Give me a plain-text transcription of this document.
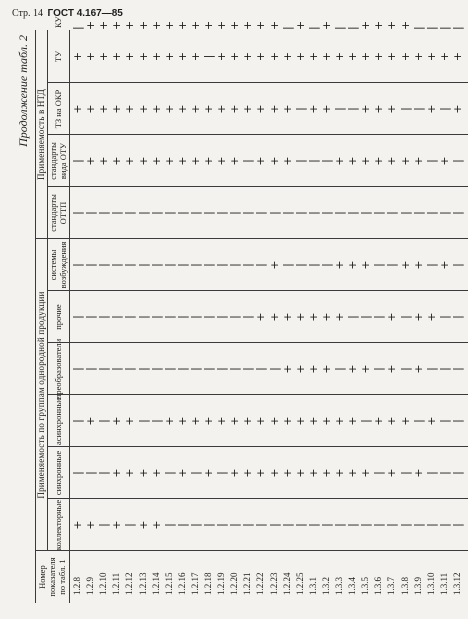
Стр. 14 ГОСТ 4.167—85
Продолжение табл. 2
Номер показателя по табл. 1
Применяемость по группам однородной продукции
Применяемость в НТД
коллекторные
синхронные
асинхронные
преобразователи
прочие
системы возбуждения
стандарты ОТТП
стандарты вида ОТУ
ТЗ на ОКР
ТУ
КУ
1.2.8
+
|
|
|
|
|
|
|
+
+
|
1.2.9
+
|
+
|
|
|
|
+
+
+
+
1.2.10
|
|
|
|
|
|
|
+
+
+
+
1.2.11
+
+
+
|
|
|
|
+
+
+
+
1.2.12
|
+
+
|
|
|
|
+
+
+
+
1.2.13
+
+
|
|
|
|
|
+
+
+
+
1.2.14
+
+
|
|
|
|
|
+
+
+
+
1.2.15
|
|
+
|
|
|
|
+
+
+
+
1.2.16
|
+
+
|
|
|
|
+
+
+
+
1.2.17
|
|
+
|
|
|
|
+
+
+
+
1.2.18
|
+
+
|
|
|
|
+
+
|
+
1.2.19
|
|
+
|
|
|
|
+
+
+
+
1.2.20
|
+
+
|
|
|
|
+
+
+
+
1.2.21
|
+
+
|
|
|
|
|
+
+
+
1.2.22
|
+
+
|
+
|
|
+
+
+
+
1.2.23
|
+
+
|
+
+
|
+
+
+
+
1.2.24
|
+
+
+
+
|
|
+
+
+
|
1.2.25
|
+
+
+
+
|
|
|
|
+
+
1.3.1
|
+
+
+
+
|
|
|
+
+
|
1.3.2
|
+
+
+
+
|
|
|
+
+
+
1.3.3
|
+
+
|
+
+
|
+
|
+
|
1.3.4
|
+
+
+
|
+
|
+
|
+
|
1.3.5
|
+
|
+
|
+
|
+
+
+
+
1.3.6
|
|
+
|
|
|
|
+
+
+
+
1.3.7
|
+
+
+
+
|
|
+
+
+
+
1.3.8
|
|
+
|
|
+
|
+
|
+
+
1.3.9
|
+
|
+
+
+
|
+
|
+
|
1.3.10
|
|
+
|
+
|
|
|
+
+
|
1.3.11
|
|
|
|
|
+
|
+
|
+
|
1.3.12
|
|
|
|
|
|
|
|
+
+
|
